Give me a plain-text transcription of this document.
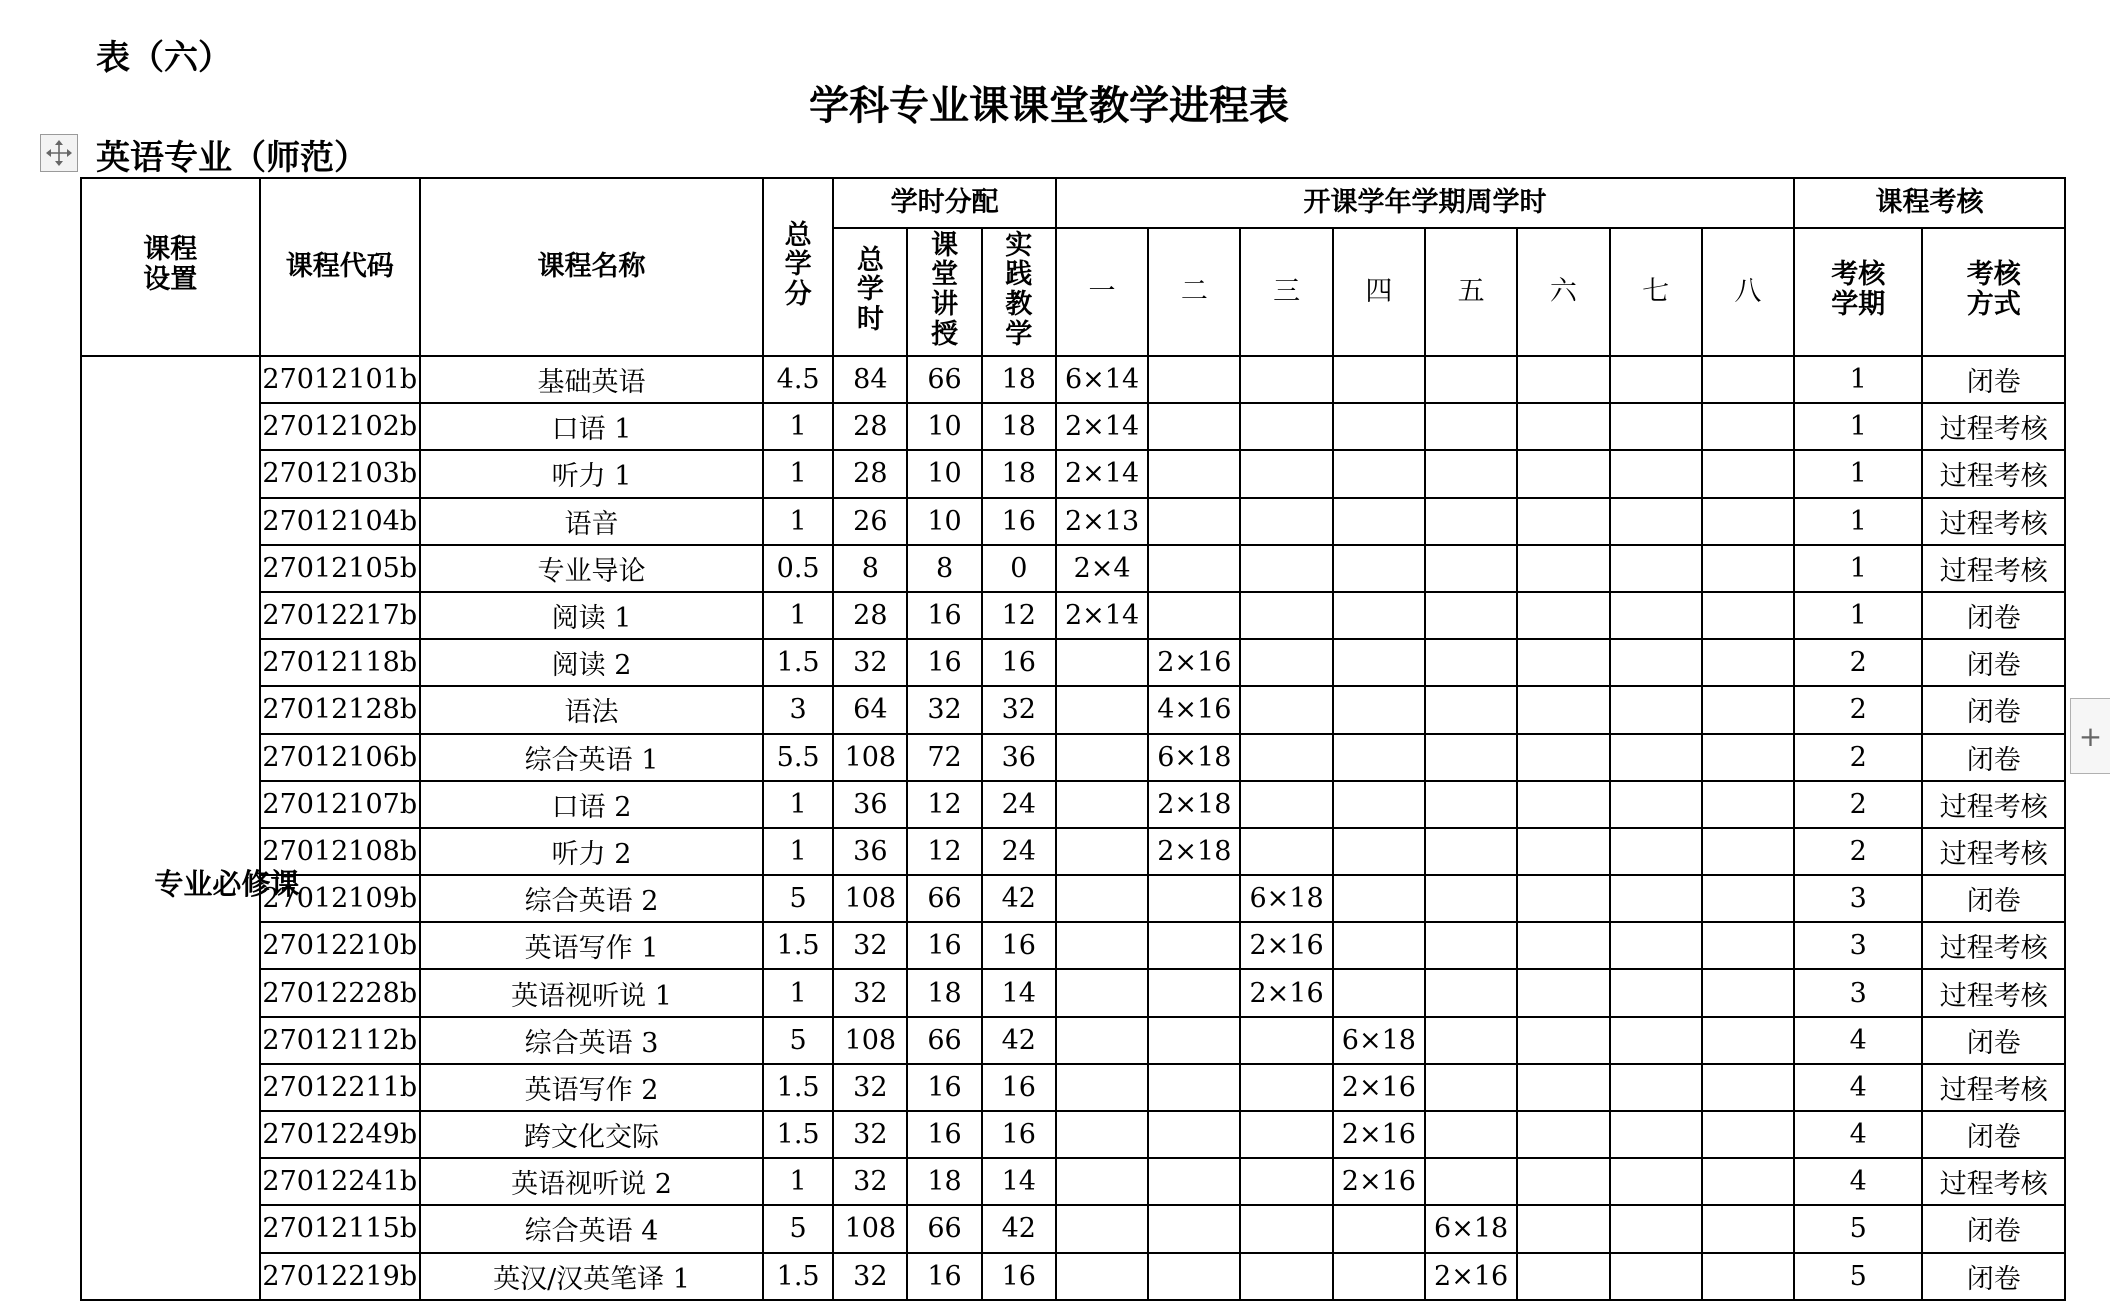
表（六）
学科专业课课堂教学进程表
英语专业（师范）
+
课程设置	课程代码	课程名称	总学分	学时分配			开课学年学期周学时								课程考核	
				总学时	课堂讲授	实践教学	一	二	三	四	五	六	七	八	考核学期	考核方式
专业必修课	27012101b	基础英语	4.5	84	66	18	6×14								1	闭卷
	27012102b	口语 1	1	28	10	18	2×14								1	过程考核
	27012103b	听力 1	1	28	10	18	2×14								1	过程考核
	27012104b	语音	1	26	10	16	2×13								1	过程考核
	27012105b	专业导论	0.5	8	8	0	2×4								1	过程考核
	27012217b	阅读 1	1	28	16	12	2×14								1	闭卷
	27012118b	阅读 2	1.5	32	16	16		2×16							2	闭卷
	27012128b	语法	3	64	32	32		4×16							2	闭卷
	27012106b	综合英语 1	5.5	108	72	36		6×18							2	闭卷
	27012107b	口语 2	1	36	12	24		2×18							2	过程考核
	27012108b	听力 2	1	36	12	24		2×18							2	过程考核
	27012109b	综合英语 2	5	108	66	42			6×18						3	闭卷
	27012210b	英语写作 1	1.5	32	16	16			2×16						3	过程考核
	27012228b	英语视听说 1	1	32	18	14			2×16						3	过程考核
	27012112b	综合英语 3	5	108	66	42				6×18					4	闭卷
	27012211b	英语写作 2	1.5	32	16	16				2×16					4	过程考核
	27012249b	跨文化交际	1.5	32	16	16				2×16					4	闭卷
	27012241b	英语视听说 2	1	32	18	14				2×16					4	过程考核
	27012115b	综合英语 4	5	108	66	42					6×18				5	闭卷
	27012219b	英汉/汉英笔译 1	1.5	32	16	16					2×16				5	闭卷
